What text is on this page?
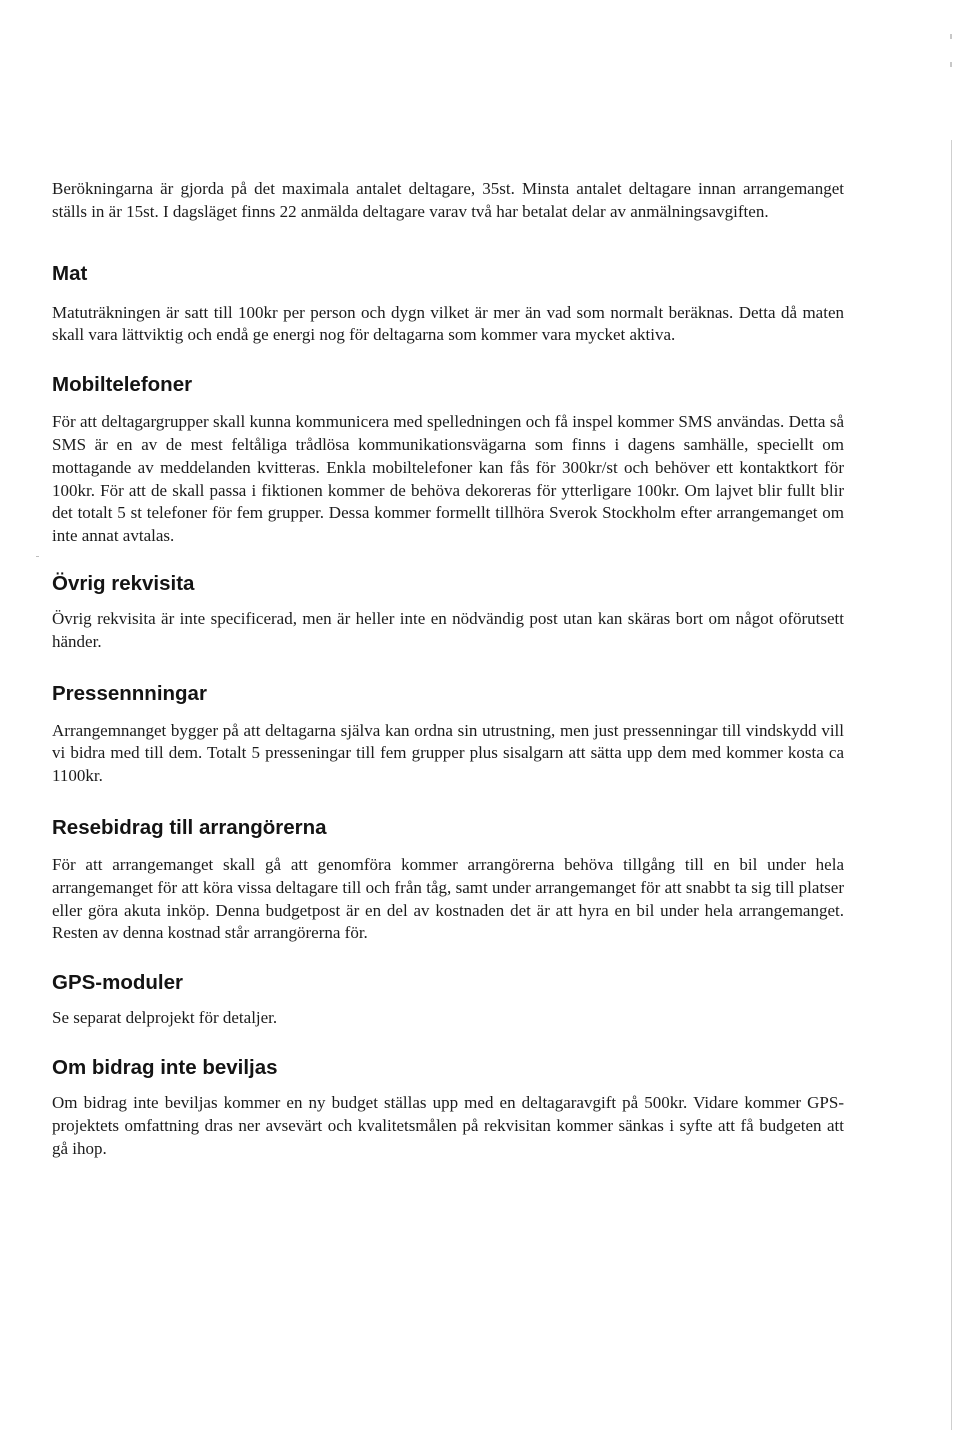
Berökningarna är gjorda på det maximala antalet deltagare, 35st. Minsta antalet deltagare innan arrangemanget ställs in är 15st. I dagsläget finns 22 anmälda deltagare varav två har betalat delar av anmälningsavgiften.

Mat

Matuträkningen är satt till 100kr per person och dygn vilket är mer än vad som normalt beräknas. Detta då maten skall vara lättviktig och endå ge energi nog för deltagarna som kommer vara mycket aktiva.

Mobiltelefoner

För att deltagargrupper skall kunna kommunicera med spelledningen och få inspel kommer SMS användas. Detta så SMS är en av de mest feltåliga trådlösa kommunikationsvägarna som finns i dagens samhälle, speciellt om mottagande av meddelanden kvitteras. Enkla mobiltelefoner kan fås för 300kr/st och behöver ett kontaktkort för 100kr. För att de skall passa i fiktionen kommer de behöva dekoreras för ytterligare 100kr. Om lajvet blir fullt blir det totalt 5 st telefoner för fem grupper. Dessa kommer formellt tillhöra Sverok Stockholm efter arrangemanget om inte annat avtalas.

Övrig rekvisita

Övrig rekvisita är inte specificerad, men är heller inte en nödvändig post utan kan skäras bort om något oförutsett händer.

Pressennningar

Arrangemnanget bygger på att deltagarna själva kan ordna sin utrustning, men just pressenningar till vindskydd vill vi bidra med till dem. Totalt 5 presseningar till fem grupper plus sisalgarn att sätta upp dem med kommer kosta ca 1100kr.

Resebidrag till arrangörerna

För att arrangemanget skall gå att genomföra kommer arrangörerna behöva tillgång till en bil under hela arrangemanget för att köra vissa deltagare till och från tåg, samt under arrangemanget för att snabbt ta sig till platser eller göra akuta inköp. Denna budgetpost är en del av kostnaden det är att hyra en bil under hela arrangemanget. Resten av denna kostnad står arrangörerna för.

GPS-moduler

Se separat delprojekt för detaljer.

Om bidrag inte beviljas

Om bidrag inte beviljas kommer en ny budget ställas upp med en deltagaravgift på 500kr. Vidare kommer GPS-projektets omfattning dras ner avsevärt och kvalitetsmålen på rekvisitan kommer sänkas i syfte att få budgeten att gå ihop.
